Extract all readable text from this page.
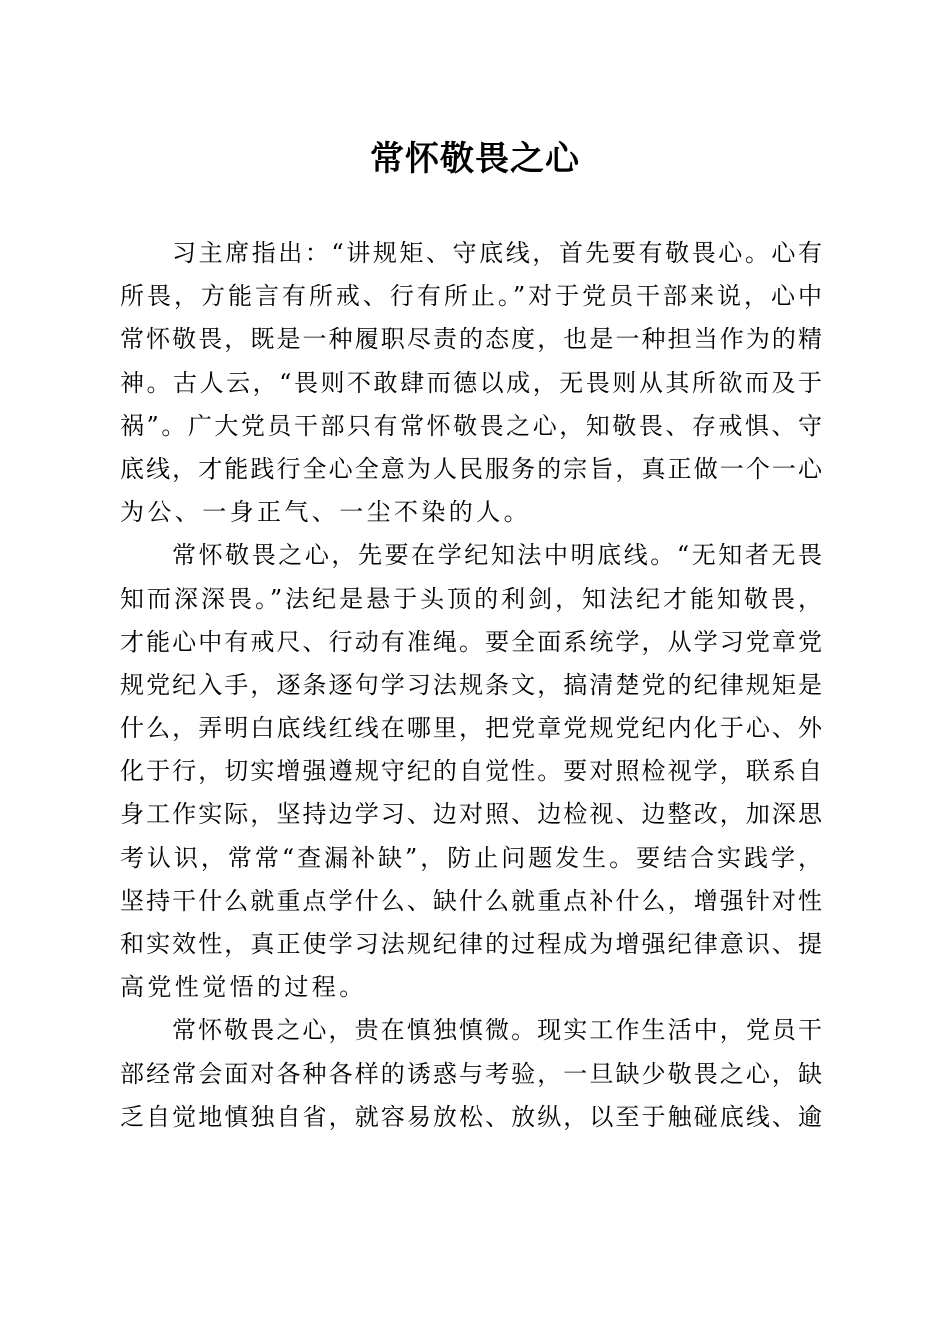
常怀敬畏之心
习主席指出：“讲规矩、守底线，首先要有敬畏心。心有
所畏，方能言有所戒、行有所止。”对于党员干部来说，心中
常怀敬畏，既是一种履职尽责的态度，也是一种担当作为的精
神。古人云，“畏则不敢肆而德以成，无畏则从其所欲而及于
祸”。广大党员干部只有常怀敬畏之心，知敬畏、存戒惧、守
底线，才能践行全心全意为人民服务的宗旨，真正做一个一心
为公、一身正气、一尘不染的人。
常怀敬畏之心，先要在学纪知法中明底线。“无知者无畏
知而深深畏。”法纪是悬于头顶的利剑，知法纪才能知敬畏，
才能心中有戒尺、行动有准绳。要全面系统学，从学习党章党
规党纪入手，逐条逐句学习法规条文，搞清楚党的纪律规矩是
什么，弄明白底线红线在哪里，把党章党规党纪内化于心、外
化于行，切实增强遵规守纪的自觉性。要对照检视学，联系自
身工作实际，坚持边学习、边对照、边检视、边整改，加深思
考认识，常常“查漏补缺”，防止问题发生。要结合实践学，
坚持干什么就重点学什么、缺什么就重点补什么，增强针对性
和实效性，真正使学习法规纪律的过程成为增强纪律意识、提
高党性觉悟的过程。
常怀敬畏之心，贵在慎独慎微。现实工作生活中，党员干
部经常会面对各种各样的诱惑与考验，一旦缺少敬畏之心，缺
乏自觉地慎独自省，就容易放松、放纵，以至于触碰底线、逾
